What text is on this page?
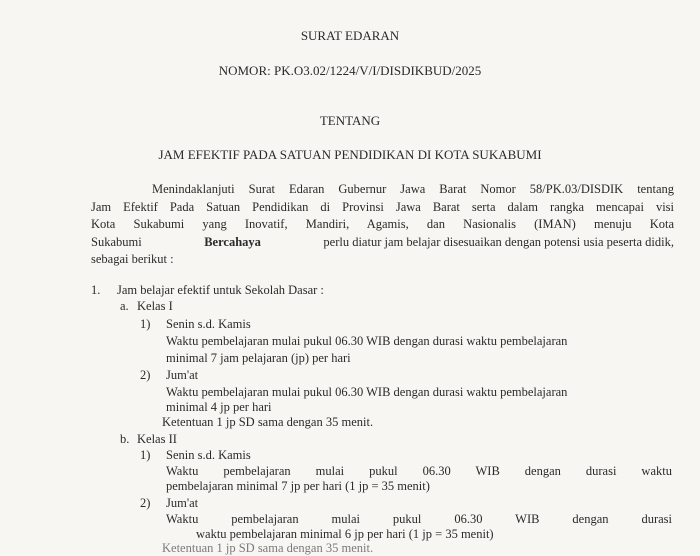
SURAT EDARAN
NOMOR: PK.O3.02/1224/V/I/DISDIKBUD/2025
TENTANG
JAM EFEKTIF PADA SATUAN PENDIDIKAN DI KOTA SUKABUMI
Menindaklanjuti Surat Edaran Gubernur Jawa Barat Nomor 58/PK.03/DISDIK tentang
Jam Efektif Pada Satuan Pendidikan di Provinsi Jawa Barat serta dalam rangka mencapai visi
Kota Sukabumi yang Inovatif, Mandiri, Agamis, dan Nasionalis (IMAN) menuju Kota
Sukabumi	Bercahaya	perlu diatur jam belajar disesuaikan dengan potensi usia peserta didik,
sebagai berikut :
1. Jam belajar efektif untuk Sekolah Dasar :
a. Kelas I
1) Senin s.d. Kamis
Waktu pembelajaran mulai pukul 06.30 WIB dengan durasi waktu pembelajaran
minimal 7 jam pelajaran (jp) per hari
2) Jum'at
Waktu pembelajaran mulai pukul 06.30 WIB dengan durasi waktu pembelajaran
minimal 4 jp per hari
Ketentuan 1 jp SD sama dengan 35 menit.
b. Kelas II
1) Senin s.d. Kamis
Waktu pembelajaran mulai pukul 06.30 WIB dengan durasi waktu
pembelajaran minimal 7 jp per hari (1 jp = 35 menit)
2) Jum'at
Waktu pembelajaran mulai pukul 06.30 WIB dengan durasi
waktu pembelajaran minimal 6 jp per hari (1 jp = 35 menit)
Ketentuan 1 jp SD sama dengan 35 menit.
